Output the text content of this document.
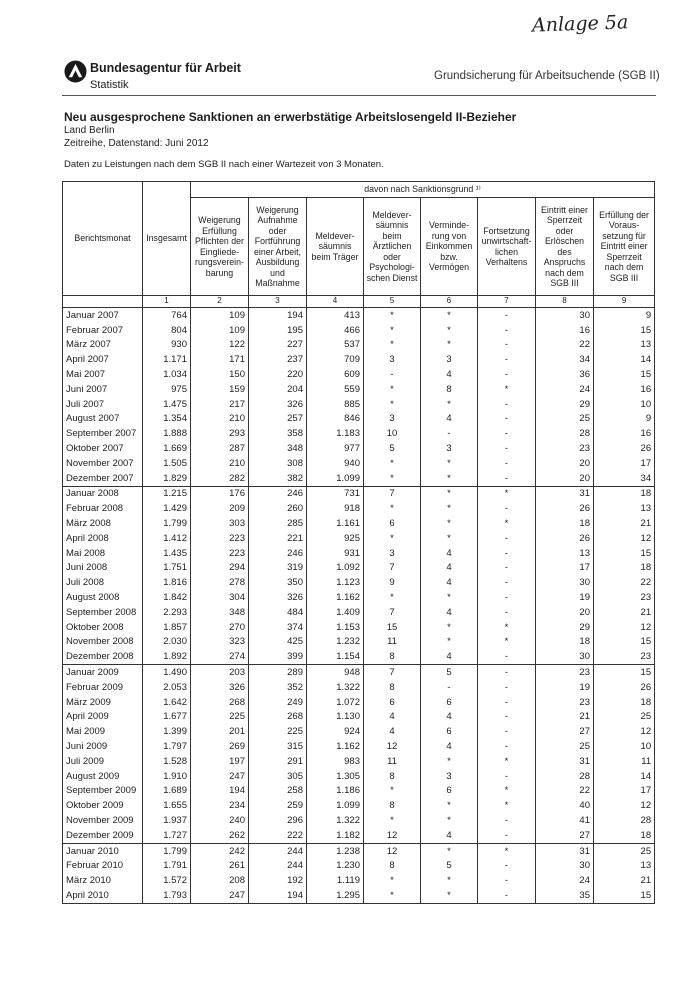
Anlage 5a
Bundesagentur für Arbeit
Statistik
Grundsicherung für Arbeitsuchende (SGB II)
Neu ausgesprochene Sanktionen an erwerbstätige Arbeitslosengeld II-Bezieher
Land Berlin
Zeitreihe, Datenstand: Juni 2012
Daten zu Leistungen nach dem SGB II nach einer Wartezeit von 3 Monaten.
Berichtsmonat	Insgesamt	davon nach Sanktionsgrund ¹⁾							
		Weigerung Erfüllung Pflichten der Eingliede-rungsverein-barung	Weigerung Aufnahme oder Fortführung einer Arbeit, Ausbildung und Maßnahme	Meldever-säumnis beim Träger	Meldever-säumnis beim Ärztlichen oder Psychologi-schen Dienst	Verminde-rung von Einkommen bzw. Vermögen	Fortsetzung unwirtschaft-lichen Verhaltens	Eintritt einer Sperrzeit oder Erlöschen des Anspruchs nach dem SGB III	Erfüllung der Voraus-setzung für Eintritt einer Sperrzeit nach dem SGB III
	1	2	3	4	5	6	7	8	9
Januar 2007	764	109	194	413	*	*	-	30	9
Februar 2007	804	109	195	466	*	*	-	16	15
März 2007	930	122	227	537	*	*	-	22	13
April 2007	1.171	171	237	709	3	3	-	34	14
Mai 2007	1.034	150	220	609	-	4	-	36	15
Juni 2007	975	159	204	559	*	8	*	24	16
Juli 2007	1.475	217	326	885	*	*	-	29	10
August 2007	1.354	210	257	846	3	4	-	25	9
September 2007	1.888	293	358	1.183	10	-	-	28	16
Oktober 2007	1.669	287	348	977	5	3	-	23	26
November 2007	1.505	210	308	940	*	*	-	20	17
Dezember 2007	1.829	282	382	1.099	*	*	-	20	34
Januar 2008	1.215	176	246	731	7	*	*	31	18
Februar 2008	1.429	209	260	918	*	*	-	26	13
März 2008	1.799	303	285	1.161	6	*	*	18	21
April 2008	1.412	223	221	925	*	*	-	26	12
Mai 2008	1.435	223	246	931	3	4	-	13	15
Juni 2008	1.751	294	319	1.092	7	4	-	17	18
Juli 2008	1.816	278	350	1.123	9	4	-	30	22
August 2008	1.842	304	326	1.162	*	*	-	19	23
September 2008	2.293	348	484	1.409	7	4	-	20	21
Oktober 2008	1.857	270	374	1.153	15	*	*	29	12
November 2008	2.030	323	425	1.232	11	*	*	18	15
Dezember 2008	1.892	274	399	1.154	8	4	-	30	23
Januar 2009	1.490	203	289	948	7	5	-	23	15
Februar 2009	2.053	326	352	1.322	8	-	-	19	26
März 2009	1.642	268	249	1.072	6	6	-	23	18
April 2009	1.677	225	268	1.130	4	4	-	21	25
Mai 2009	1.399	201	225	924	4	6	-	27	12
Juni 2009	1.797	269	315	1.162	12	4	-	25	10
Juli 2009	1.528	197	291	983	11	*	*	31	11
August 2009	1.910	247	305	1.305	8	3	-	28	14
September 2009	1.689	194	258	1.186	*	6	*	22	17
Oktober 2009	1.655	234	259	1.099	8	*	*	40	12
November 2009	1.937	240	296	1.322	*	*	-	41	28
Dezember 2009	1.727	262	222	1.182	12	4	-	27	18
Januar 2010	1.799	242	244	1.238	12	*	*	31	25
Februar 2010	1.791	261	244	1.230	8	5	-	30	13
März 2010	1.572	208	192	1.119	*	*	-	24	21
April 2010	1.793	247	194	1.295	*	*	-	35	15
